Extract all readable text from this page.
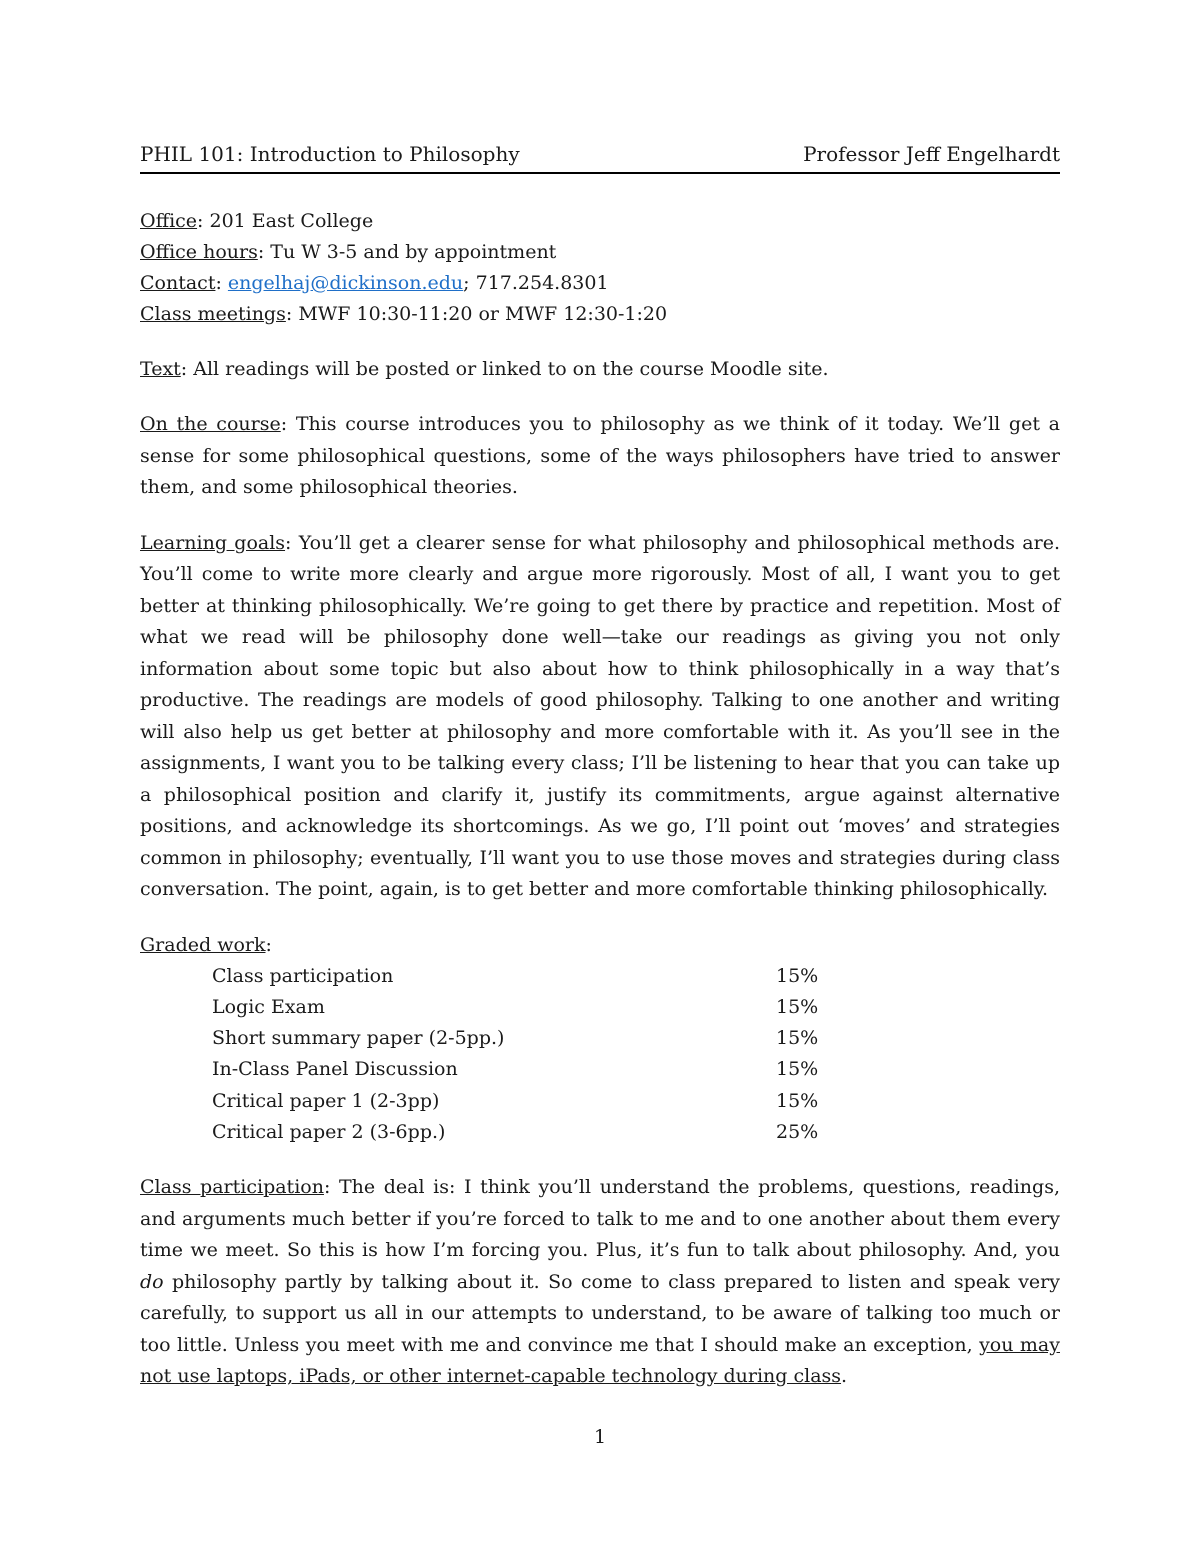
PHIL 101: Introduction to Philosophy	Professor Jeff Engelhardt
Office: 201 East College
Office hours: Tu W 3-5 and by appointment
Contact: engelhaj@dickinson.edu; 717.254.8301
Class meetings: MWF 10:30-11:20 or MWF 12:30-1:20
Text: All readings will be posted or linked to on the course Moodle site.
On the course: This course introduces you to philosophy as we think of it today. We’ll get a sense for some philosophical questions, some of the ways philosophers have tried to answer them, and some philosophical theories.
Learning goals: You’ll get a clearer sense for what philosophy and philosophical methods are. You’ll come to write more clearly and argue more rigorously. Most of all, I want you to get better at thinking philosophically. We’re going to get there by practice and repetition. Most of what we read will be philosophy done well—take our readings as giving you not only information about some topic but also about how to think philosophically in a way that’s productive. The readings are models of good philosophy. Talking to one another and writing will also help us get better at philosophy and more comfortable with it. As you’ll see in the assignments, I want you to be talking every class; I’ll be listening to hear that you can take up a philosophical position and clarify it, justify its commitments, argue against alternative positions, and acknowledge its shortcomings. As we go, I’ll point out ‘moves’ and strategies common in philosophy; eventually, I’ll want you to use those moves and strategies during class conversation. The point, again, is to get better and more comfortable thinking philosophically.
Graded work:
Class participation	15%
Logic Exam	15%
Short summary paper (2-5pp.)	15%
In-Class Panel Discussion	15%
Critical paper 1 (2-3pp)	15%
Critical paper 2 (3-6pp.)	25%
Class participation: The deal is: I think you’ll understand the problems, questions, readings, and arguments much better if you’re forced to talk to me and to one another about them every time we meet. So this is how I’m forcing you. Plus, it’s fun to talk about philosophy. And, you do philosophy partly by talking about it. So come to class prepared to listen and speak very carefully, to support us all in our attempts to understand, to be aware of talking too much or too little. Unless you meet with me and convince me that I should make an exception, you may not use laptops, iPads, or other internet-capable technology during class.
1
